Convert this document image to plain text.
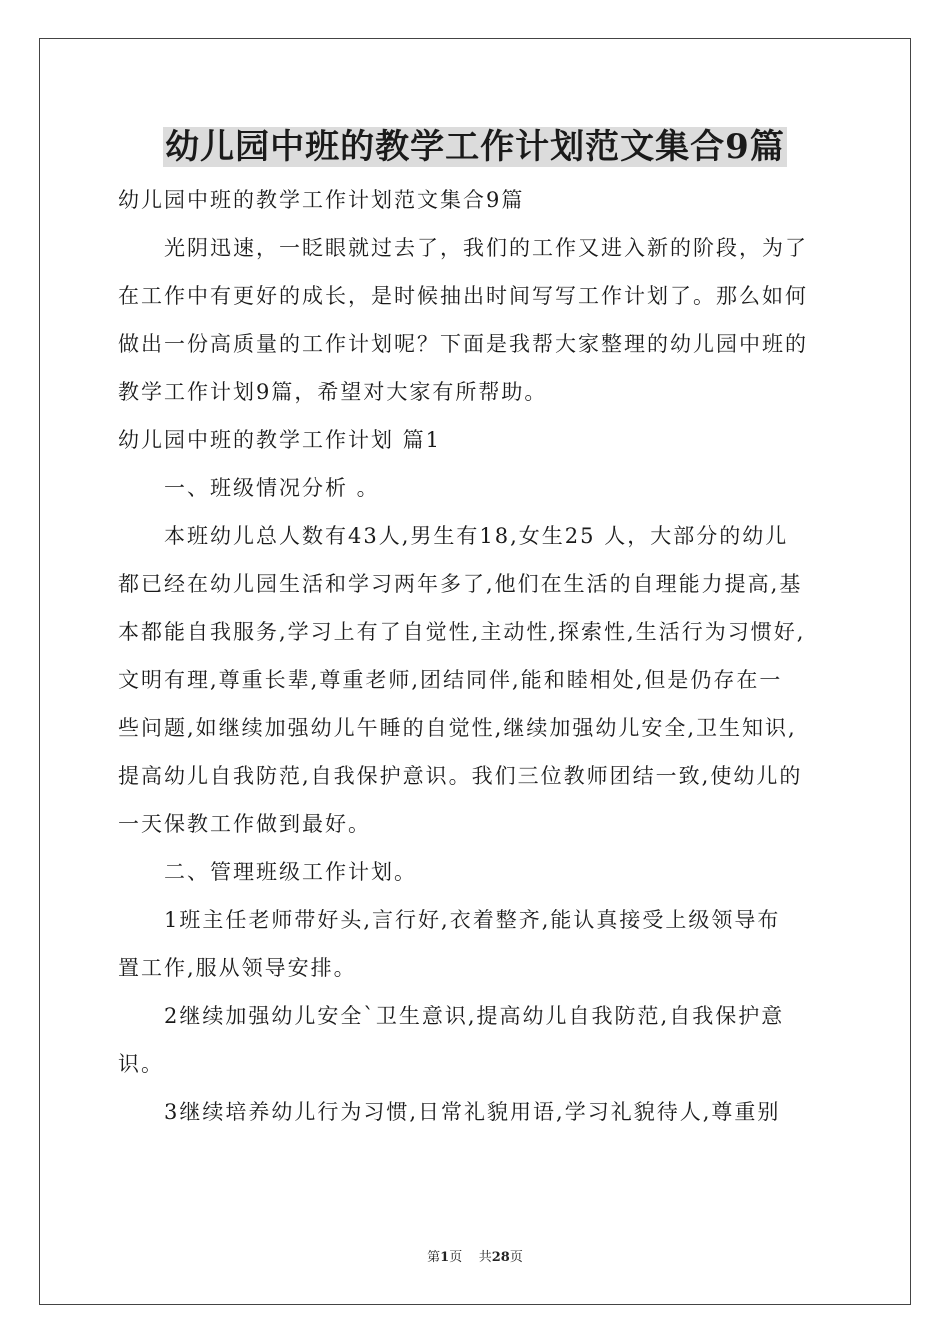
幼儿园中班的教学工作计划范文集合9篇
幼儿园中班的教学工作计划范文集合9篇
　　光阴迅速，一眨眼就过去了，我们的工作又进入新的阶段，为了
在工作中有更好的成长，是时候抽出时间写写工作计划了。那么如何
做出一份高质量的工作计划呢？下面是我帮大家整理的幼儿园中班的
教学工作计划9篇，希望对大家有所帮助。
幼儿园中班的教学工作计划 篇1
　　一、班级情况分析 。
　　本班幼儿总人数有43人,男生有18,女生25 人，大部分的幼儿
都已经在幼儿园生活和学习两年多了,他们在生活的自理能力提高,基
本都能自我服务,学习上有了自觉性,主动性,探索性,生活行为习惯好,
文明有理,尊重长辈,尊重老师,团结同伴,能和睦相处,但是仍存在一
些问题,如继续加强幼儿午睡的自觉性,继续加强幼儿安全,卫生知识,
提高幼儿自我防范,自我保护意识。我们三位教师团结一致,使幼儿的
一天保教工作做到最好。
　　二、管理班级工作计划。
　　1班主任老师带好头,言行好,衣着整齐,能认真接受上级领导布
置工作,服从领导安排。
　　2继续加强幼儿安全`卫生意识,提高幼儿自我防范,自我保护意
识。
　　3继续培养幼儿行为习惯,日常礼貌用语,学习礼貌待人,尊重别
第1页 共28页
